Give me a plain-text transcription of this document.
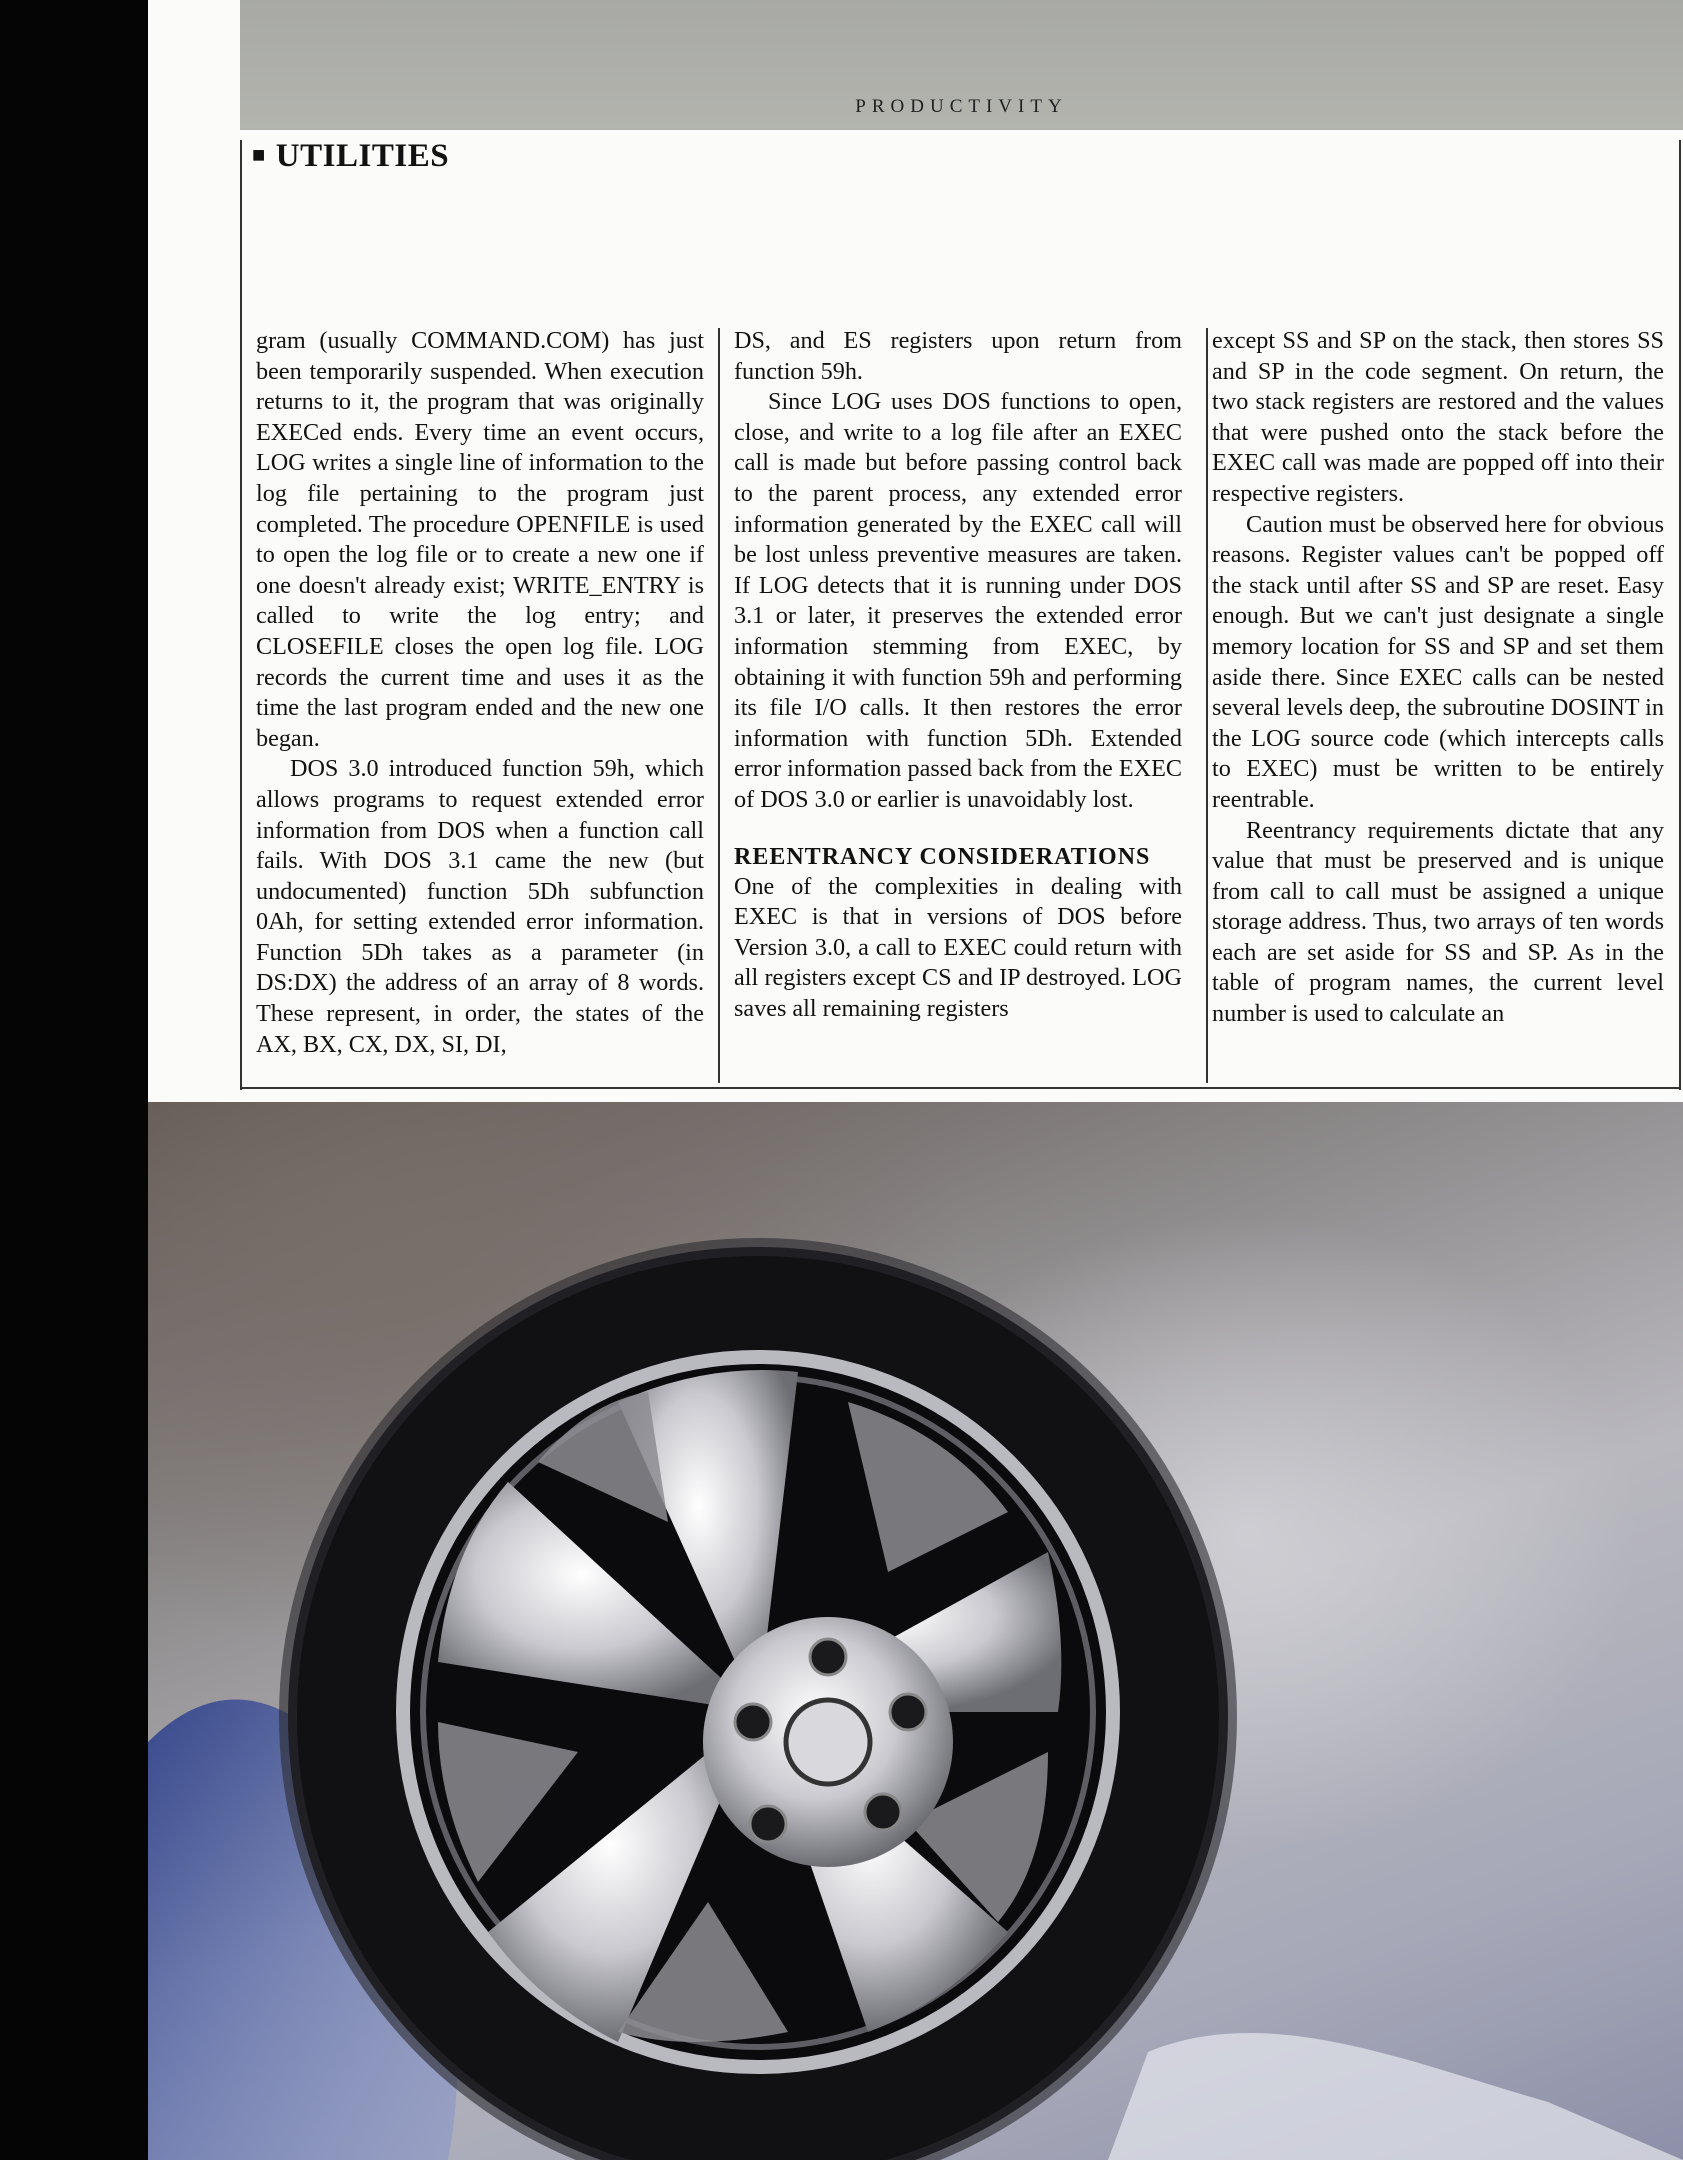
PRODUCTIVITY
■ UTILITIES

gram (usually COMMAND.COM) has just been temporarily suspended. When execution returns to it, the program that was originally EXECed ends. Every time an event occurs, LOG writes a single line of information to the log file pertaining to the program just completed. The procedure OPENFILE is used to open the log file or to create a new one if one doesn't already exist; WRITE_ENTRY is called to write the log entry; and CLOSEFILE closes the open log file. LOG records the current time and uses it as the time the last program ended and the new one began.

DOS 3.0 introduced function 59h, which allows programs to request extended error information from DOS when a function call fails. With DOS 3.1 came the new (but undocumented) function 5Dh subfunction 0Ah, for setting extended error information. Function 5Dh takes as a parameter (in DS:DX) the address of an array of 8 words. These represent, in order, the states of the AX, BX, CX, DX, SI, DI,

DS, and ES registers upon return from function 59h.

Since LOG uses DOS functions to open, close, and write to a log file after an EXEC call is made but before passing control back to the parent process, any extended error information generated by the EXEC call will be lost unless preventive measures are taken. If LOG detects that it is running under DOS 3.1 or later, it preserves the extended error information stemming from EXEC, by obtaining it with function 59h and performing its file I/O calls. It then restores the error information with function 5Dh. Extended error information passed back from the EXEC of DOS 3.0 or earlier is unavoidably lost.

REENTRANCY CONSIDERATIONS

One of the complexities in dealing with EXEC is that in versions of DOS before Version 3.0, a call to EXEC could return with all registers except CS and IP destroyed. LOG saves all remaining registers

except SS and SP on the stack, then stores SS and SP in the code segment. On return, the two stack registers are restored and the values that were pushed onto the stack before the EXEC call was made are popped off into their respective registers.

Caution must be observed here for obvious reasons. Register values can't be popped off the stack until after SS and SP are reset. Easy enough. But we can't just designate a single memory location for SS and SP and set them aside there. Since EXEC calls can be nested several levels deep, the subroutine DOSINT in the LOG source code (which intercepts calls to EXEC) must be written to be entirely reentrable.

Reentrancy requirements dictate that any value that must be preserved and is unique from call to call must be assigned a unique storage address. Thus, two arrays of ten words each are set aside for SS and SP. As in the table of program names, the current level number is used to calculate an
